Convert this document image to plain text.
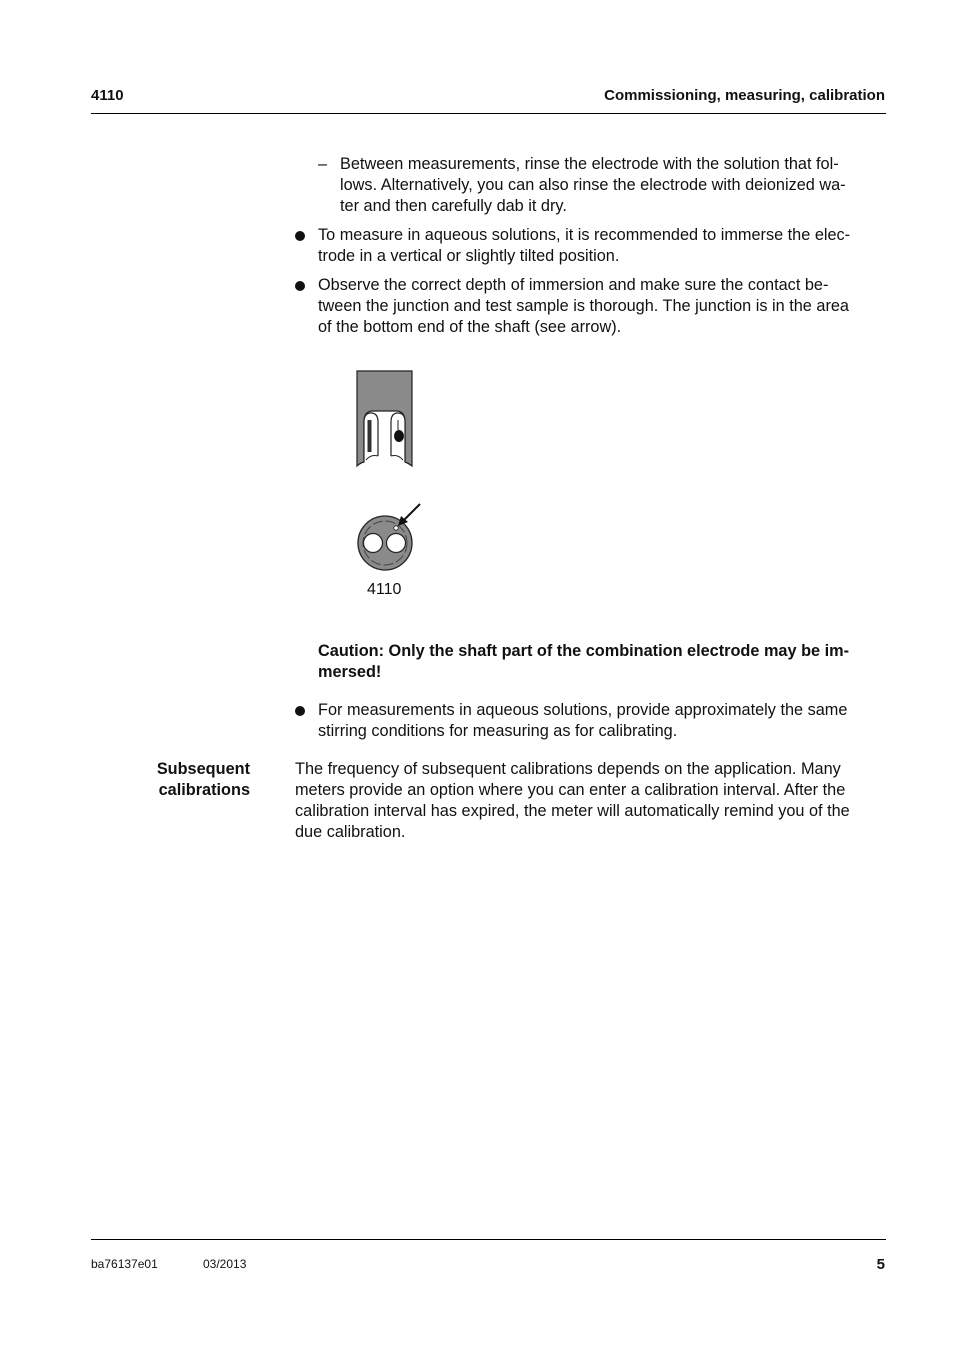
4110	Commissioning, measuring, calibration
– Between measurements, rinse the electrode with the solution that fol-
lows. Alternatively, you can also rinse the electrode with deionized wa-
ter and then carefully dab it dry.
To measure in aqueous solutions, it is recommended to immerse the elec-
trode in a vertical or slightly tilted position.
Observe the correct depth of immersion and make sure the contact be-
tween the junction and test sample is thorough. The junction is in the area
of the bottom end of the shaft (see arrow).
4110
Caution: Only the shaft part of the combination electrode may be im-
mersed!
For measurements in aqueous solutions, provide approximately the same
stirring conditions for measuring as for calibrating.
Subsequent
calibrations
The frequency of subsequent calibrations depends on the application. Many
meters provide an option where you can enter a calibration interval. After the
calibration interval has expired, the meter will automatically remind you of the
due calibration.
ba76137e01	03/2013	5
